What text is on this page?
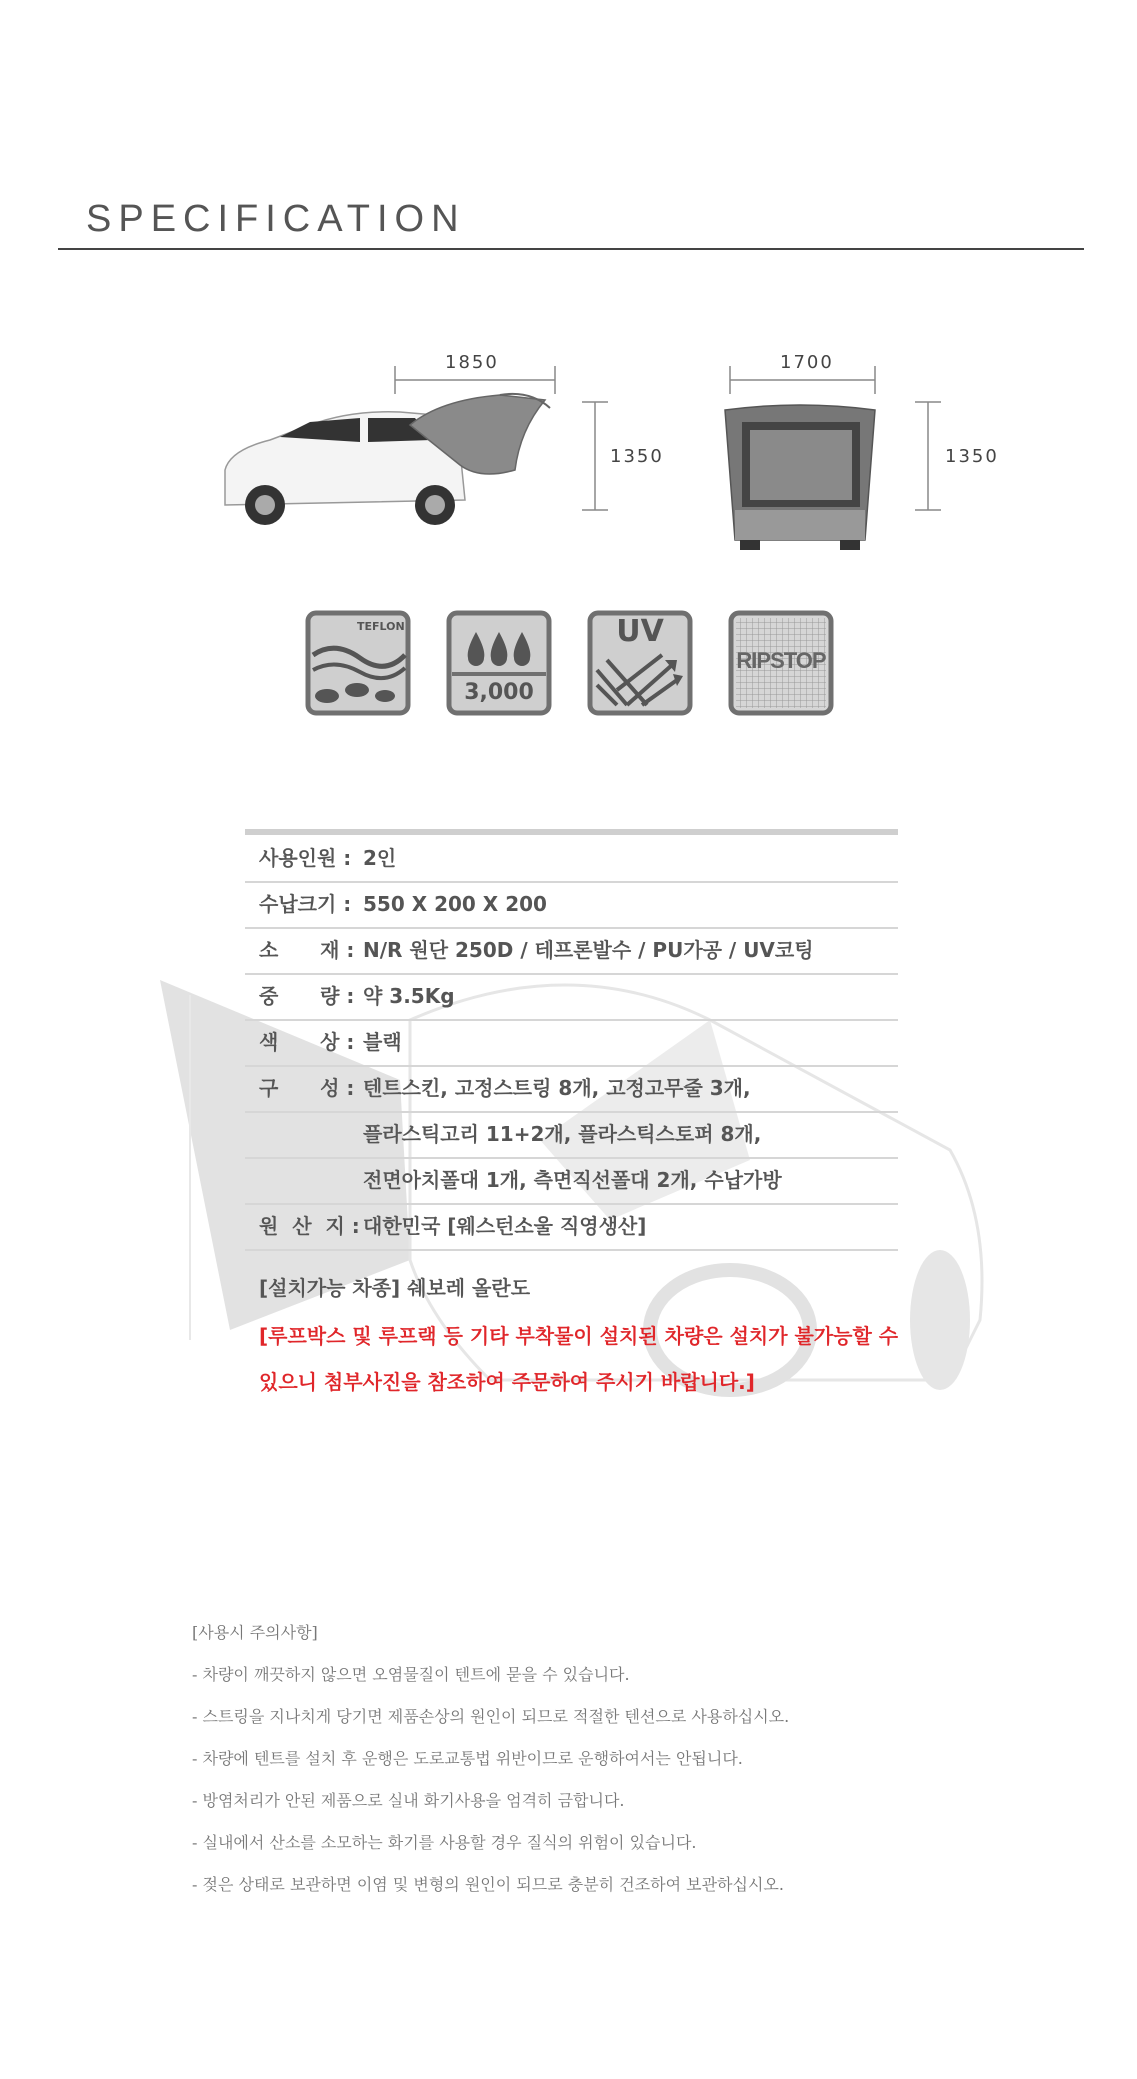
SPECIFICATION
1850
1350
1700
1350
TEFLON
3,000
UV
RIPSTOP
사용인원 : 2인
수납크기 : 550 X 200 X 200
소      재 : N/R 원단 250D / 테프론발수 / PU가공 / UV코팅
중      량 : 약 3.5Kg
색      상 : 블랙
구      성 : 텐트스킨, 고정스트링 8개, 고정고무줄 3개,
플라스틱고리 11+2개, 플라스틱스토퍼 8개,
전면아치폴대 1개, 측면직선폴대 2개, 수납가방
원  산  지 : 대한민국 [웨스턴소울 직영생산]
[설치가능 차종] 쉐보레 올란도
[루프박스 및 루프랙 등 기타 부착물이 설치된 차량은 설치가 불가능할 수
있으니 첨부사진을 참조하여 주문하여 주시기 바랍니다.]
[사용시 주의사항]
- 차량이 깨끗하지 않으면 오염물질이 텐트에 묻을 수 있습니다.
- 스트링을 지나치게 당기면 제품손상의 원인이 되므로 적절한 텐션으로 사용하십시오.
- 차량에 텐트를 설치 후 운행은 도로교통법 위반이므로 운행하여서는 안됩니다.
- 방염처리가 안된 제품으로 실내 화기사용을 엄격히 금합니다.
- 실내에서 산소를 소모하는 화기를 사용할 경우 질식의 위험이 있습니다.
- 젖은 상태로 보관하면 이염 및 변형의 원인이 되므로 충분히 건조하여 보관하십시오.
